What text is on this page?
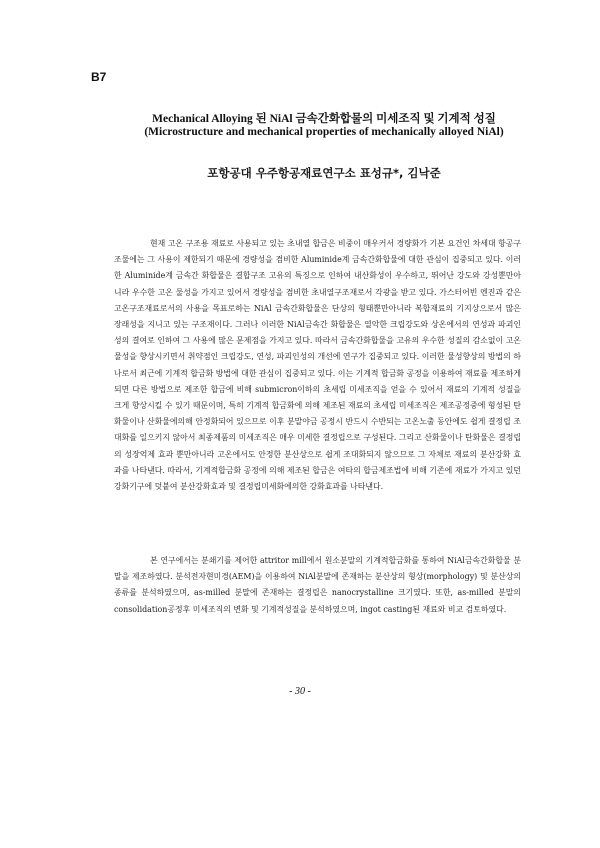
B7

Mechanical Alloying 된 NiAl 금속간화합물의 미세조직 및 기계적 성질

(Microstructure and mechanical properties of mechanically alloyed NiAl)

포항공대 우주항공재료연구소 표성규*, 김낙준

현재 고온 구조용 재료로 사용되고 있는 초내열 합금은 비중이 매우커서 경량화가 기본 요건인 차세대 항공구조물에는 그 사용이 제한되기 때문에 경량성을 겸비한 Aluminide계 금속간화합물에 대한 관심이 집중되고 있다. 이러한 Aluminide계 금속간 화합물은 결합구조 고유의 특징으로 인하여 내산화성이 우수하고, 뛰어난 강도와 강성뿐만아니라 우수한 고온 물성을 가지고 있어서 경량성을 겸비한 초내열구조재로서 각광을 받고 있다. 가스터어빈 엔진과 같은 고온구조재료로서의 사용을 목표로하는 NiAl 금속간화합물은 단상의 형태뿐만아니라 복합재료의 기지상으로서 많은 장래성을 지니고 있는 구조재이다. 그러나 이러한 NiAl금속간 화합물은 열악한 크립강도와 상온에서의 연성과 파괴인성의 결여로 인하여 그 사용에 많은 문제점을 가지고 있다. 따라서 금속간화합물을 고유의 우수한 성질의 감소없이 고온물성을 향상시키면서 취약점인 크립강도, 연성, 파괴인성의 개선에 연구가 집중되고 있다. 이러한 물성향상의 방법의 하나로서 최근에 기계적 합금화 방법에 대한 관심이 집중되고 있다. 이는 기계적 합금화 공정을 이용하여 재료를 제조하게 되면 다른 방법으로 제조한 합금에 비해 submicron이하의 초세립 미세조직을 얻을 수 있어서 재료의 기계적 성질을 크게 향상시킬 수 있기 때문이며, 특히 기계적 합금화에 의해 제조된 재료의 초세립 미세조직은 제조공정중에 형성된 탄화물이나 산화물에의해 안정화되어 있으므로 이후 분말야금 공정시 반드시 수반되는 고온노출 동안에도 쉽게 결정립 조대화를 일으키지 않아서 최종제품의 미세조직은 매우 미세한 결정립으로 구성된다. 그리고 산화물이나 탄화물은 결정립의 성장억제 효과 뿐만아니라 고온에서도 안정한 분산상으로 쉽게 조대화되지 않으므로 그 자체로 재료의 분산강화 효과를 나타낸다. 따라서, 기계적합금화 공정에 의해 제조된 합금은 여타의 합금제조법에 비해 기존에 재료가 가지고 있던 강화기구에 덧붙여 분산강화효과 및 결정립미세화에의한 강화효과를 나타낸다.

본 연구에서는 분쇄기를 제어한 attritor mill에서 원소분말의 기계적합금화를 통하여 NiAl금속간화합물 분말을 제조하였다. 분석전자현미경(AEM)을 이용하여 NiAl분말에 존재하는 분산상의 형상(morphology) 및 분산상의 종류를 분석하였으며, as-milled 분말에 존재하는 결정립은 nanocrystalline 크기였다. 또한, as-milled 분말의 consolidation공정후 미세조직의 변화 및 기계적성질을 분석하였으며, ingot casting된 재료와 비교 검토하였다.

- 30 -
